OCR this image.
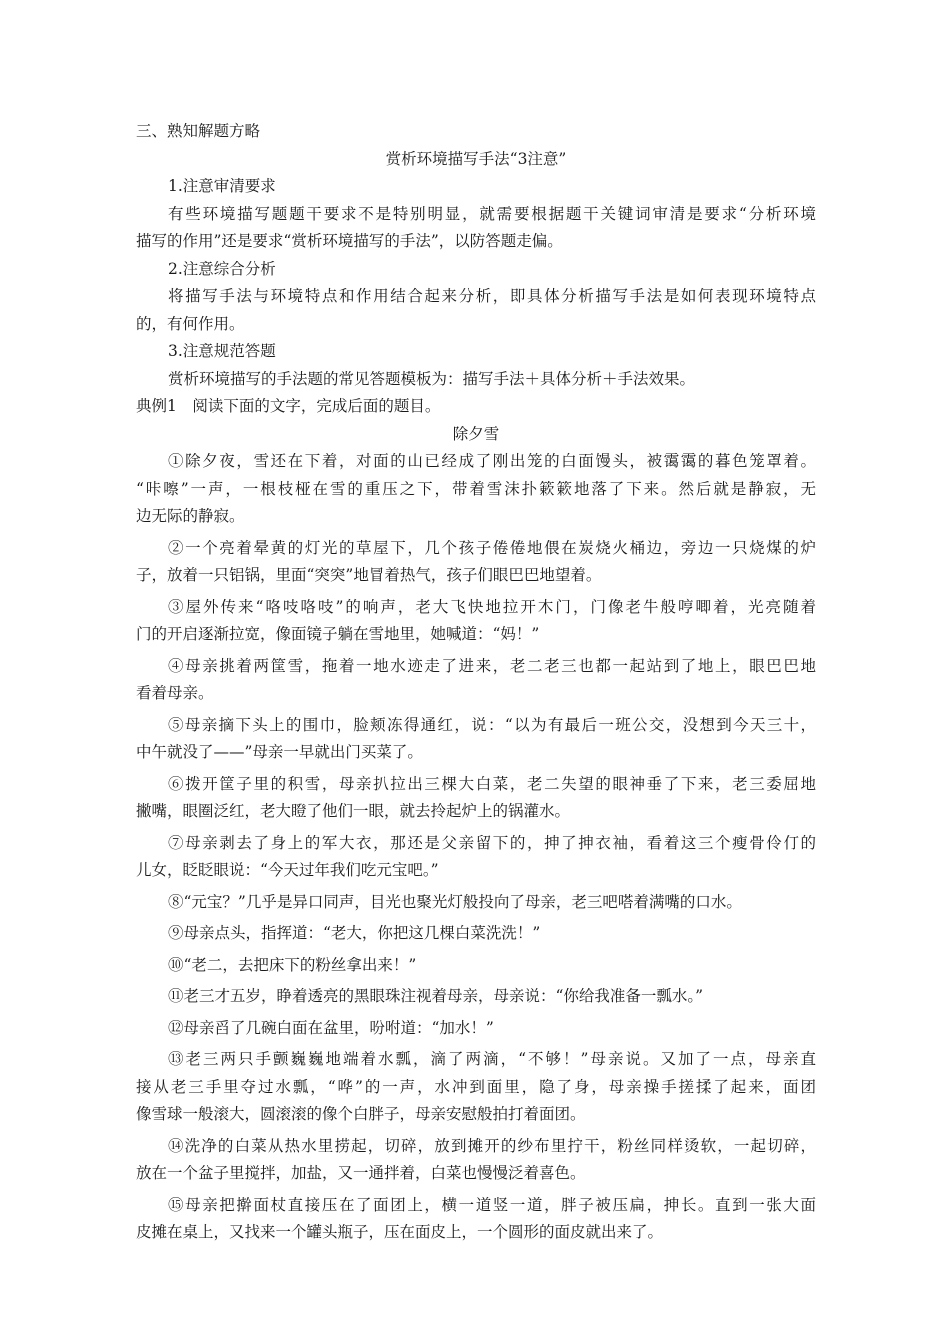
三、熟知解题方略
赏析环境描写手法“3注意”
1.注意审清要求
有些环境描写题题干要求不是特别明显，就需要根据题干关键词审清是要求“分析环境
描写的作用”还是要求“赏析环境描写的手法”，以防答题走偏。
2.注意综合分析
将描写手法与环境特点和作用结合起来分析，即具体分析描写手法是如何表现环境特点
的，有何作用。
3.注意规范答题
赏析环境描写的手法题的常见答题模板为：描写手法＋具体分析＋手法效果。
典例1　阅读下面的文字，完成后面的题目。
除夕雪
①除夕夜，雪还在下着，对面的山已经成了刚出笼的白面馒头，被霭霭的暮色笼罩着。
“咔嚓”一声，一根枝桠在雪的重压之下，带着雪沫扑簌簌地落了下来。然后就是静寂，无
边无际的静寂。
②一个亮着晕黄的灯光的草屋下，几个孩子倦倦地偎在炭烧火桶边，旁边一只烧煤的炉
子，放着一只铝锅，里面“突突”地冒着热气，孩子们眼巴巴地望着。
③屋外传来“咯吱咯吱”的响声，老大飞快地拉开木门，门像老牛般哼唧着，光亮随着
门的开启逐渐拉宽，像面镜子躺在雪地里，她喊道：“妈！”
④母亲挑着两筐雪，拖着一地水迹走了进来，老二老三也都一起站到了地上，眼巴巴地
看着母亲。
⑤母亲摘下头上的围巾，脸颊冻得通红，说：“以为有最后一班公交，没想到今天三十，
中午就没了——”母亲一早就出门买菜了。
⑥拨开筐子里的积雪，母亲扒拉出三棵大白菜，老二失望的眼神垂了下来，老三委屈地
撇嘴，眼圈泛红，老大瞪了他们一眼，就去拎起炉上的锅灌水。
⑦母亲剥去了身上的军大衣，那还是父亲留下的，抻了抻衣袖，看着这三个瘦骨伶仃的
儿女，眨眨眼说：“今天过年我们吃元宝吧。”
⑧“元宝？”几乎是异口同声，目光也聚光灯般投向了母亲，老三吧嗒着满嘴的口水。
⑨母亲点头，指挥道：“老大，你把这几棵白菜洗洗！”
⑩“老二，去把床下的粉丝拿出来！”
⑪老三才五岁，睁着透亮的黑眼珠注视着母亲，母亲说：“你给我准备一瓢水。”
⑫母亲舀了几碗白面在盆里，吩咐道：“加水！”
⑬老三两只手颤巍巍地端着水瓢，滴了两滴，“不够！”母亲说。又加了一点，母亲直
接从老三手里夺过水瓢，“哗”的一声，水冲到面里，隐了身，母亲操手搓揉了起来，面团
像雪球一般滚大，圆滚滚的像个白胖子，母亲安慰般拍打着面团。
⑭洗净的白菜从热水里捞起，切碎，放到摊开的纱布里拧干，粉丝同样烫软，一起切碎，
放在一个盆子里搅拌，加盐，又一通拌着，白菜也慢慢泛着喜色。
⑮母亲把擀面杖直接压在了面团上，横一道竖一道，胖子被压扁，抻长。直到一张大面
皮摊在桌上，又找来一个罐头瓶子，压在面皮上，一个圆形的面皮就出来了。
